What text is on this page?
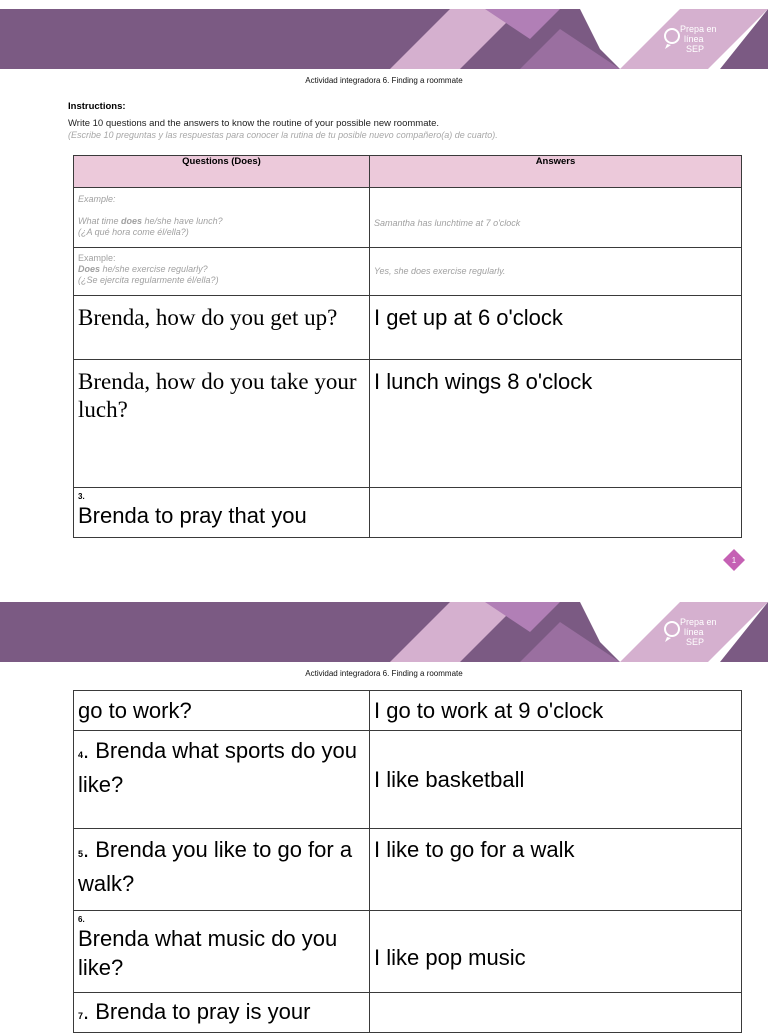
Prepa en
línea
SEP
Actividad integradora 6. Finding a roommate
Instructions:
Write 10 questions and the answers to know the routine of your possible new roommate.
(Escribe 10 preguntas y las respuestas para conocer la rutina de tu posible nuevo compañero(a) de cuarto).
Questions (Does)	Answers

Example:
What time does he/she have lunch?
(¿A qué hora come él/ella?)	Samantha has lunchtime at 7 o'clock

Example:
Does he/she exercise regularly?
(¿Se ejercita regularmente él/ella?)	Yes, she does exercise regularly.

Brenda, how do you get up?	I get up at 6 o'clock

Brenda, how do you take your luch?	I lunch wings 8 o'clock

3.
Brenda to pray that you	

1
Prepa en
línea
SEP
Actividad integradora 6. Finding a roommate
go to work?	I go to work at 9 o'clock

4. Brenda what sports do you like?	I like basketball

5. Brenda you like to go for a walk?	I like to go for a walk

6.
Brenda what music do you like?	I like pop music

7. Brenda to pray is your	
